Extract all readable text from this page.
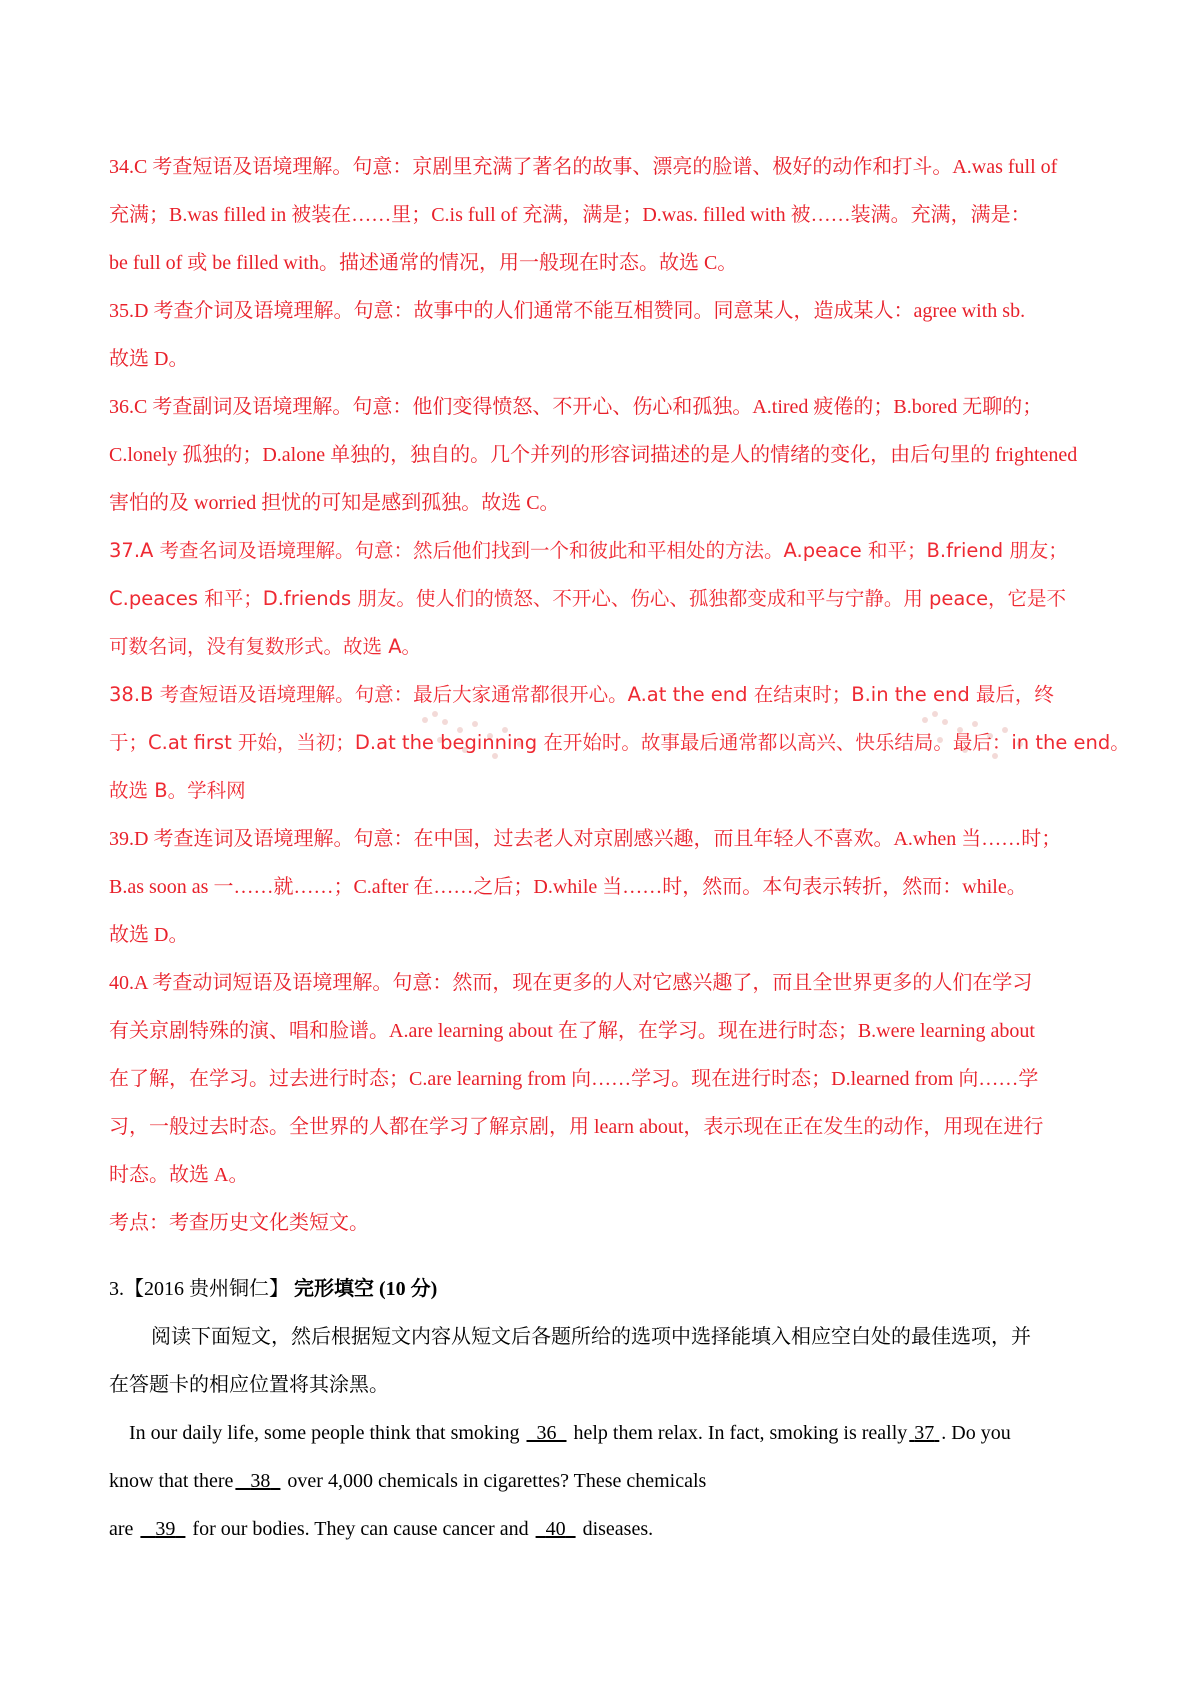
34.C 考查短语及语境理解。句意：京剧里充满了著名的故事、漂亮的脸谱、极好的动作和打斗。A.was full of
充满；B.was filled in 被装在……里；C.is full of 充满，满是；D.was. filled with 被……装满。充满，满是：
be full of 或 be filled with。描述通常的情况，用一般现在时态。故选 C。
35.D 考查介词及语境理解。句意：故事中的人们通常不能互相赞同。同意某人，造成某人：agree with sb.
故选 D。
36.C 考查副词及语境理解。句意：他们变得愤怒、不开心、伤心和孤独。A.tired 疲倦的；B.bored 无聊的；
C.lonely 孤独的；D.alone 单独的，独自的。几个并列的形容词描述的是人的情绪的变化，由后句里的 frightened
害怕的及 worried 担忧的可知是感到孤独。故选 C。
37.A 考查名词及语境理解。句意：然后他们找到一个和彼此和平相处的方法。A.peace 和平；B.friend 朋友；
C.peaces 和平；D.friends 朋友。使人们的愤怒、不开心、伤心、孤独都变成和平与宁静。用 peace，它是不
可数名词，没有复数形式。故选 A。
38.B 考查短语及语境理解。句意：最后大家通常都很开心。A.at the end 在结束时；B.in the end 最后，终
于；C.at first 开始，当初；D.at the beginning 在开始时。故事最后通常都以高兴、快乐结局。最后：in the end。
故选 B。学科网
39.D 考查连词及语境理解。句意：在中国，过去老人对京剧感兴趣，而且年轻人不喜欢。A.when 当……时；
B.as soon as 一……就……；C.after 在……之后；D.while 当……时，然而。本句表示转折，然而：while。
故选 D。
40.A 考查动词短语及语境理解。句意：然而，现在更多的人对它感兴趣了，而且全世界更多的人们在学习
有关京剧特殊的演、唱和脸谱。A.are learning about 在了解，在学习。现在进行时态；B.were learning about
在了解，在学习。过去进行时态；C.are learning from 向……学习。现在进行时态；D.learned from 向……学
习，一般过去时态。全世界的人都在学习了解京剧，用 learn about，表示现在正在发生的动作，用现在进行
时态。故选 A。
考点：考查历史文化类短文。
3.【2016 贵州铜仁】 完形填空 (10 分)
阅读下面短文，然后根据短文内容从短文后各题所给的选项中选择能填入相应空白处的最佳选项，并
在答题卡的相应位置将其涂黑。
In our daily life, some people think that smoking 36 help them relax. In fact, smoking is really 37 . Do you
know that there 38 over 4,000 chemicals in cigarettes? These chemicals
are 39 for our bodies. They can cause cancer and 40 diseases.
